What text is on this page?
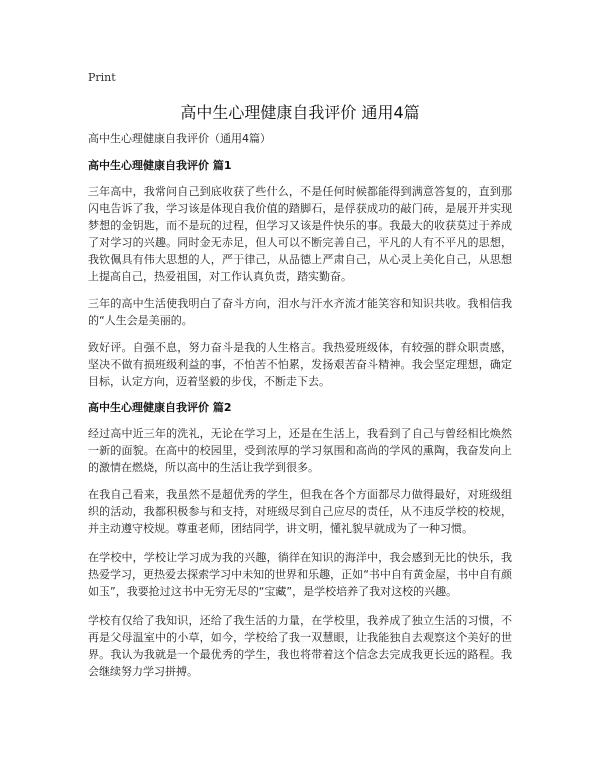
Print
高中生心理健康自我评价 通用4篇

高中生心理健康自我评价（通用4篇）

高中生心理健康自我评价 篇1

三年高中，我常问自己到底收获了些什么，不是任何时候都能得到满意答复的，直到那闪电告诉了我，学习该是体现自我价值的踏脚石，是俘获成功的敲门砖，是展开并实现梦想的金钥匙，而不是玩的过程，但学习又该是件快乐的事。我最大的收获莫过于养成了对学习的兴趣。同时金无赤足，但人可以不断完善自己，平凡的人有不平凡的思想，我钦佩具有伟大思想的人，严于律己，从品德上严肃自己，从心灵上美化自己，从思想上提高自己，热爱祖国，对工作认真负责，踏实勤奋。

三年的高中生活使我明白了奋斗方向，泪水与汗水齐流才能笑容和知识共收。我相信我的“人生会是美丽的。

致好评。自强不息，努力奋斗是我的人生格言。我热爱班级体，有较强的群众职责感，坚决不做有损班级利益的事，不怕苦不怕累，发扬艰苦奋斗精神。我会坚定理想，确定目标，认定方向，迈着坚毅的步伐，不断走下去。

高中生心理健康自我评价 篇2

经过高中近三年的洗礼，无论在学习上，还是在生活上，我看到了自己与曾经相比焕然一新的面貌。在高中的校园里，受到浓厚的学习氛围和高尚的学风的熏陶，我奋发向上的激情在燃烧，所以高中的生活让我学到很多。

在我自己看来，我虽然不是超优秀的学生，但我在各个方面都尽力做得最好，对班级组织的活动，我都积极参与和支持，对班级尽到自己应尽的责任，从不违反学校的校规，并主动遵守校规。尊重老师，团结同学，讲文明，懂礼貌早就成为了一种习惯。

在学校中，学校让学习成为我的兴趣，徜徉在知识的海洋中，我会感到无比的快乐，我热爱学习，更热爱去探索学习中未知的世界和乐趣，正如“书中自有黄金屋，书中自有颜如玉”，我要抢过这书中无穷无尽的“宝藏”，是学校培养了我对这校的兴趣。

学校有仅给了我知识，还给了我生活的力量，在学校里，我养成了独立生活的习惯，不再是父母温室中的小草，如今，学校给了我一双慧眼，让我能独自去观察这个美好的世界。我认为我就是一个最优秀的学生，我也将带着这个信念去完成我更长远的路程。我会继续努力学习拼搏。
